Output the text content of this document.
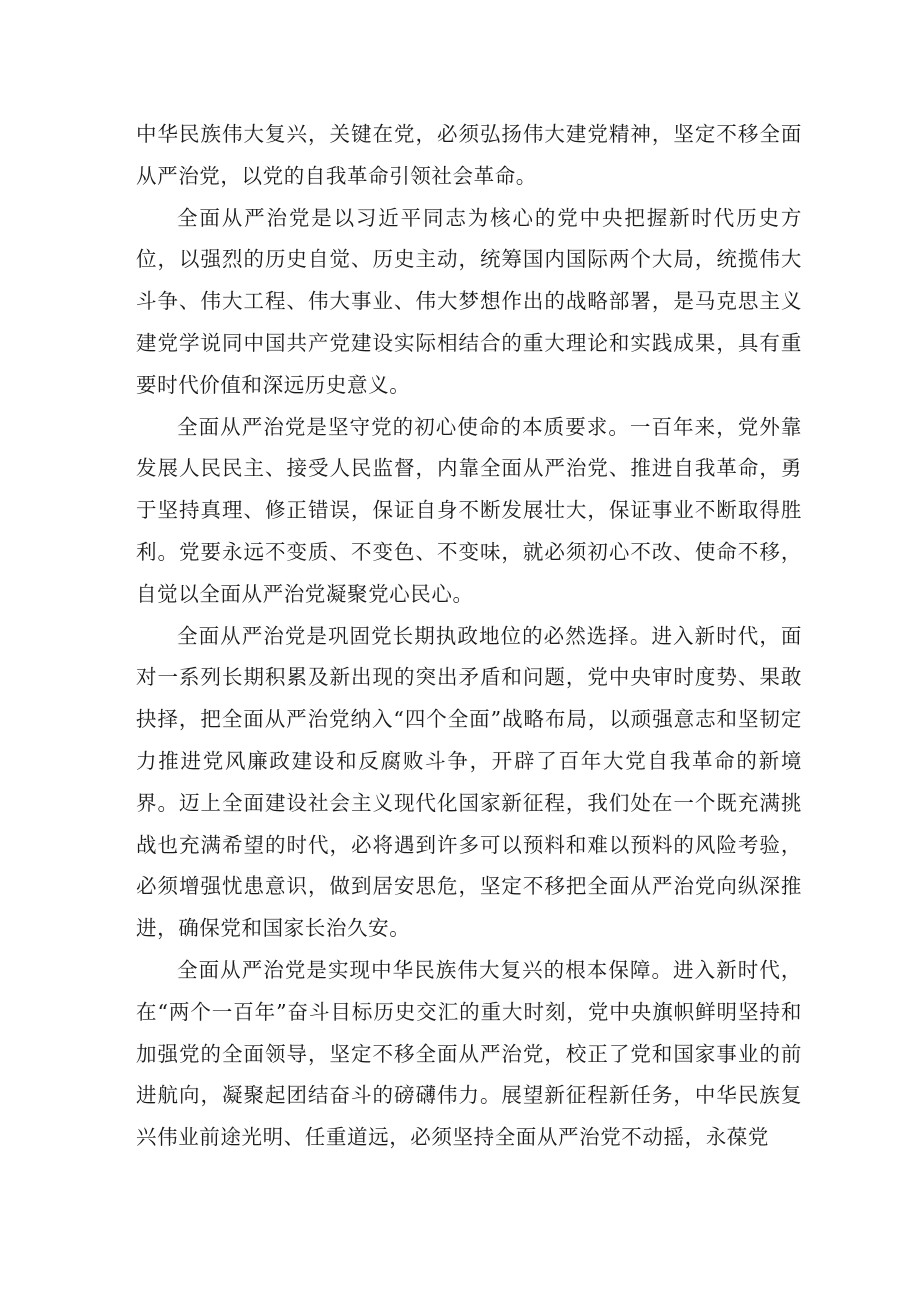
中华民族伟大复兴，关键在党，必须弘扬伟大建党精神，坚定不移全面从严治党，以党的自我革命引领社会革命。

全面从严治党是以习近平同志为核心的党中央把握新时代历史方位，以强烈的历史自觉、历史主动，统筹国内国际两个大局，统揽伟大斗争、伟大工程、伟大事业、伟大梦想作出的战略部署，是马克思主义建党学说同中国共产党建设实际相结合的重大理论和实践成果，具有重要时代价值和深远历史意义。

全面从严治党是坚守党的初心使命的本质要求。一百年来，党外靠发展人民民主、接受人民监督，内靠全面从严治党、推进自我革命，勇于坚持真理、修正错误，保证自身不断发展壮大，保证事业不断取得胜利。党要永远不变质、不变色、不变味，就必须初心不改、使命不移，自觉以全面从严治党凝聚党心民心。

全面从严治党是巩固党长期执政地位的必然选择。进入新时代，面对一系列长期积累及新出现的突出矛盾和问题，党中央审时度势、果敢抉择，把全面从严治党纳入“四个全面”战略布局，以顽强意志和坚韧定力推进党风廉政建设和反腐败斗争，开辟了百年大党自我革命的新境界。迈上全面建设社会主义现代化国家新征程，我们处在一个既充满挑战也充满希望的时代，必将遇到许多可以预料和难以预料的风险考验，必须增强忧患意识，做到居安思危，坚定不移把全面从严治党向纵深推进，确保党和国家长治久安。

全面从严治党是实现中华民族伟大复兴的根本保障。进入新时代，在“两个一百年”奋斗目标历史交汇的重大时刻，党中央旗帜鲜明坚持和加强党的全面领导，坚定不移全面从严治党，校正了党和国家事业的前进航向，凝聚起团结奋斗的磅礴伟力。展望新征程新任务，中华民族复兴伟业前途光明、任重道远，必须坚持全面从严治党不动摇，永葆党
